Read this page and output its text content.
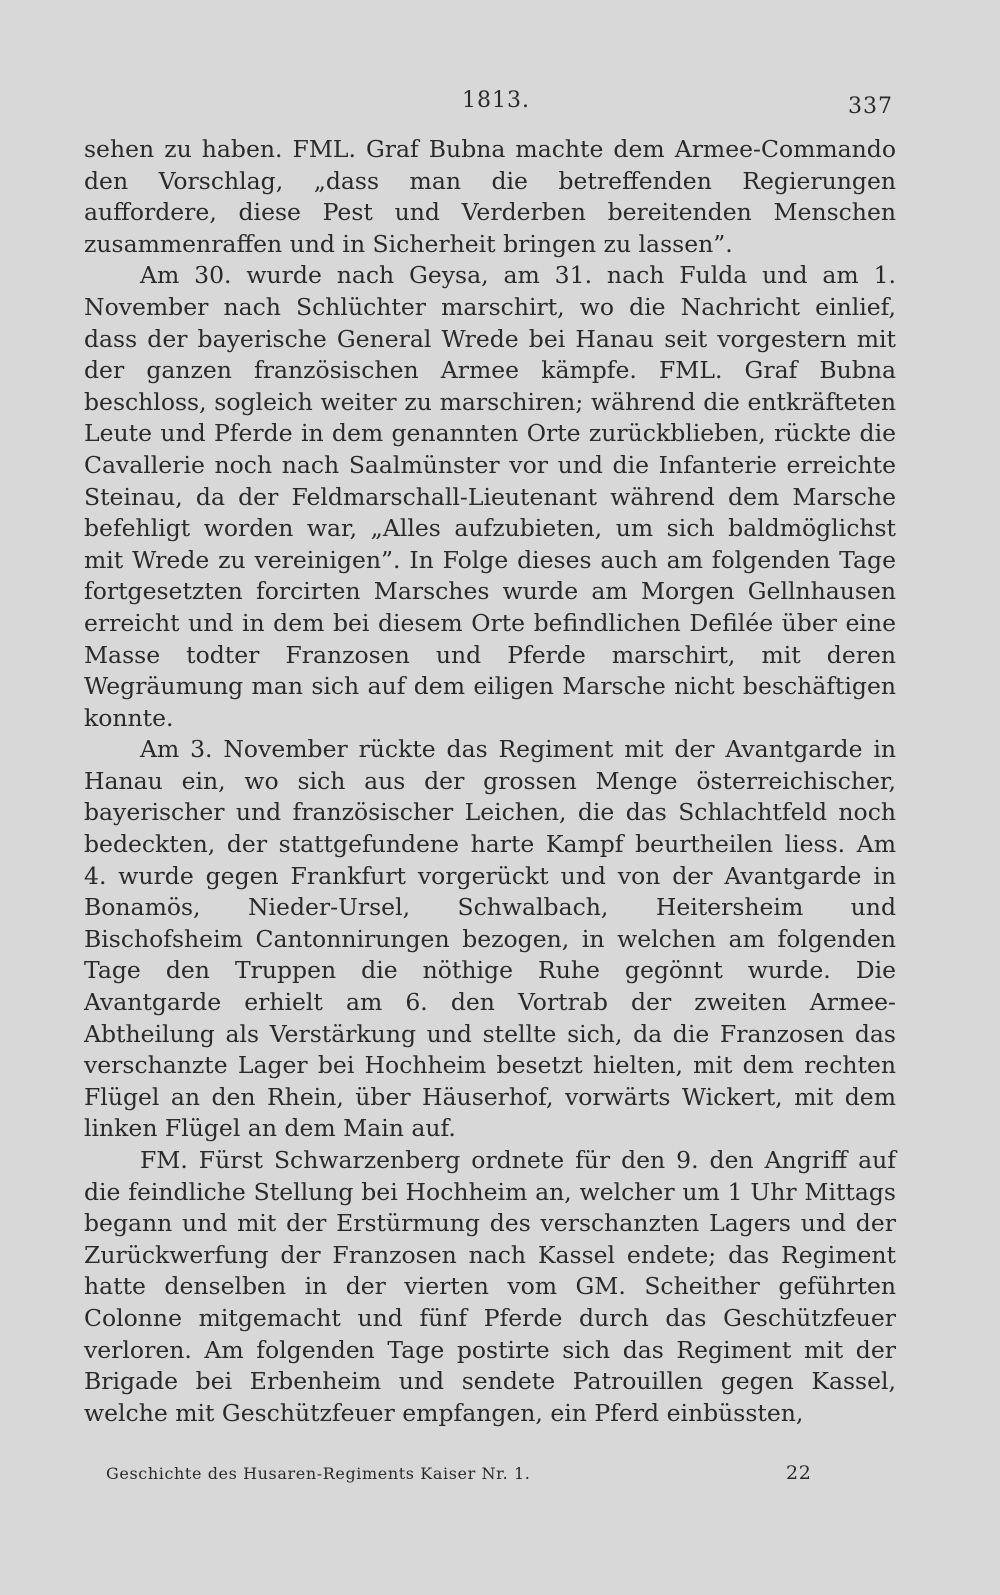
1813.	337

sehen zu haben. FML. Graf Bubna machte dem Armee-Commando den Vorschlag, „dass man die betreffenden Regierungen auffordere, diese Pest und Verderben bereitenden Menschen zusammenraffen und in Sicherheit bringen zu lassen”.

Am 30. wurde nach Geysa, am 31. nach Fulda und am 1. November nach Schlüchter marschirt, wo die Nachricht einlief, dass der bayerische General Wrede bei Hanau seit vorgestern mit der ganzen französischen Armee kämpfe. FML. Graf Bubna beschloss, sogleich weiter zu marschiren; während die entkräfteten Leute und Pferde in dem genannten Orte zurückblieben, rückte die Cavallerie noch nach Saalmünster vor und die Infanterie erreichte Steinau, da der Feldmarschall-Lieutenant während dem Marsche befehligt worden war, „Alles aufzubieten, um sich baldmöglichst mit Wrede zu vereinigen”. In Folge dieses auch am folgenden Tage fortgesetzten forcirten Marsches wurde am Morgen Gellnhausen erreicht und in dem bei diesem Orte befindlichen Defilée über eine Masse todter Franzosen und Pferde marschirt, mit deren Wegräumung man sich auf dem eiligen Marsche nicht beschäftigen konnte.

Am 3. November rückte das Regiment mit der Avantgarde in Hanau ein, wo sich aus der grossen Menge österreichischer, bayerischer und französischer Leichen, die das Schlachtfeld noch bedeckten, der stattgefundene harte Kampf beurtheilen liess. Am 4. wurde gegen Frankfurt vorgerückt und von der Avantgarde in Bonamös, Nieder-Ursel, Schwalbach, Heitersheim und Bischofsheim Cantonnirungen bezogen, in welchen am folgenden Tage den Truppen die nöthige Ruhe gegönnt wurde. Die Avantgarde erhielt am 6. den Vortrab der zweiten Armee-Abtheilung als Verstärkung und stellte sich, da die Franzosen das verschanzte Lager bei Hochheim besetzt hielten, mit dem rechten Flügel an den Rhein, über Häuserhof, vorwärts Wickert, mit dem linken Flügel an dem Main auf.

FM. Fürst Schwarzenberg ordnete für den 9. den Angriff auf die feindliche Stellung bei Hochheim an, welcher um 1 Uhr Mittags begann und mit der Erstürmung des verschanzten Lagers und der Zurückwerfung der Franzosen nach Kassel endete; das Regiment hatte denselben in der vierten vom GM. Scheither geführten Colonne mitgemacht und fünf Pferde durch das Geschützfeuer verloren. Am folgenden Tage postirte sich das Regiment mit der Brigade bei Erbenheim und sendete Patrouillen gegen Kassel, welche mit Geschützfeuer empfangen, ein Pferd einbüssten,

Geschichte des Husaren-Regiments Kaiser Nr. 1.	22
